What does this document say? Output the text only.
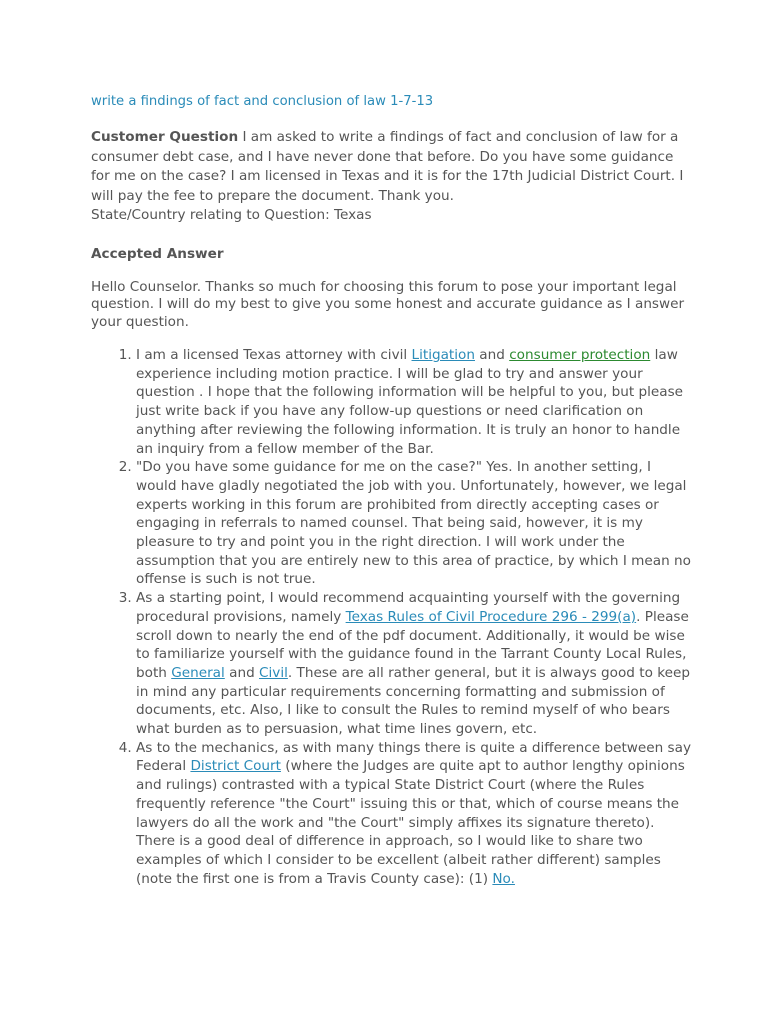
write a findings of fact and conclusion of law 1-7-13

Customer Question I am asked to write a findings of fact and conclusion of law for a consumer debt case, and I have never done that before. Do you have some guidance for me on the case? I am licensed in Texas and it is for the 17th Judicial District Court. I will pay the fee to prepare the document. Thank you.
State/Country relating to Question: Texas
Accepted Answer
Hello Counselor. Thanks so much for choosing this forum to pose your important legal question. I will do my best to give you some honest and accurate guidance as I answer your question.
1. I am a licensed Texas attorney with civil Litigation and consumer protection law experience including motion practice. I will be glad to try and answer your question . I hope that the following information will be helpful to you, but please just write back if you have any follow-up questions or need clarification on anything after reviewing the following information. It is truly an honor to handle an inquiry from a fellow member of the Bar.
2. "Do you have some guidance for me on the case?" Yes. In another setting, I would have gladly negotiated the job with you. Unfortunately, however, we legal experts working in this forum are prohibited from directly accepting cases or engaging in referrals to named counsel. That being said, however, it is my pleasure to try and point you in the right direction. I will work under the assumption that you are entirely new to this area of practice, by which I mean no offense is such is not true.
3. As a starting point, I would recommend acquainting yourself with the governing procedural provisions, namely Texas Rules of Civil Procedure 296 - 299(a). Please scroll down to nearly the end of the pdf document. Additionally, it would be wise to familiarize yourself with the guidance found in the Tarrant County Local Rules, both General and Civil. These are all rather general, but it is always good to keep in mind any particular requirements concerning formatting and submission of documents, etc. Also, I like to consult the Rules to remind myself of who bears what burden as to persuasion, what time lines govern, etc.
4. As to the mechanics, as with many things there is quite a difference between say Federal District Court (where the Judges are quite apt to author lengthy opinions and rulings) contrasted with a typical State District Court (where the Rules frequently reference "the Court" issuing this or that, which of course means the lawyers do all the work and "the Court" simply affixes its signature thereto). There is a good deal of difference in approach, so I would like to share two examples of which I consider to be excellent (albeit rather different) samples (note the first one is from a Travis County case): (1) No.
